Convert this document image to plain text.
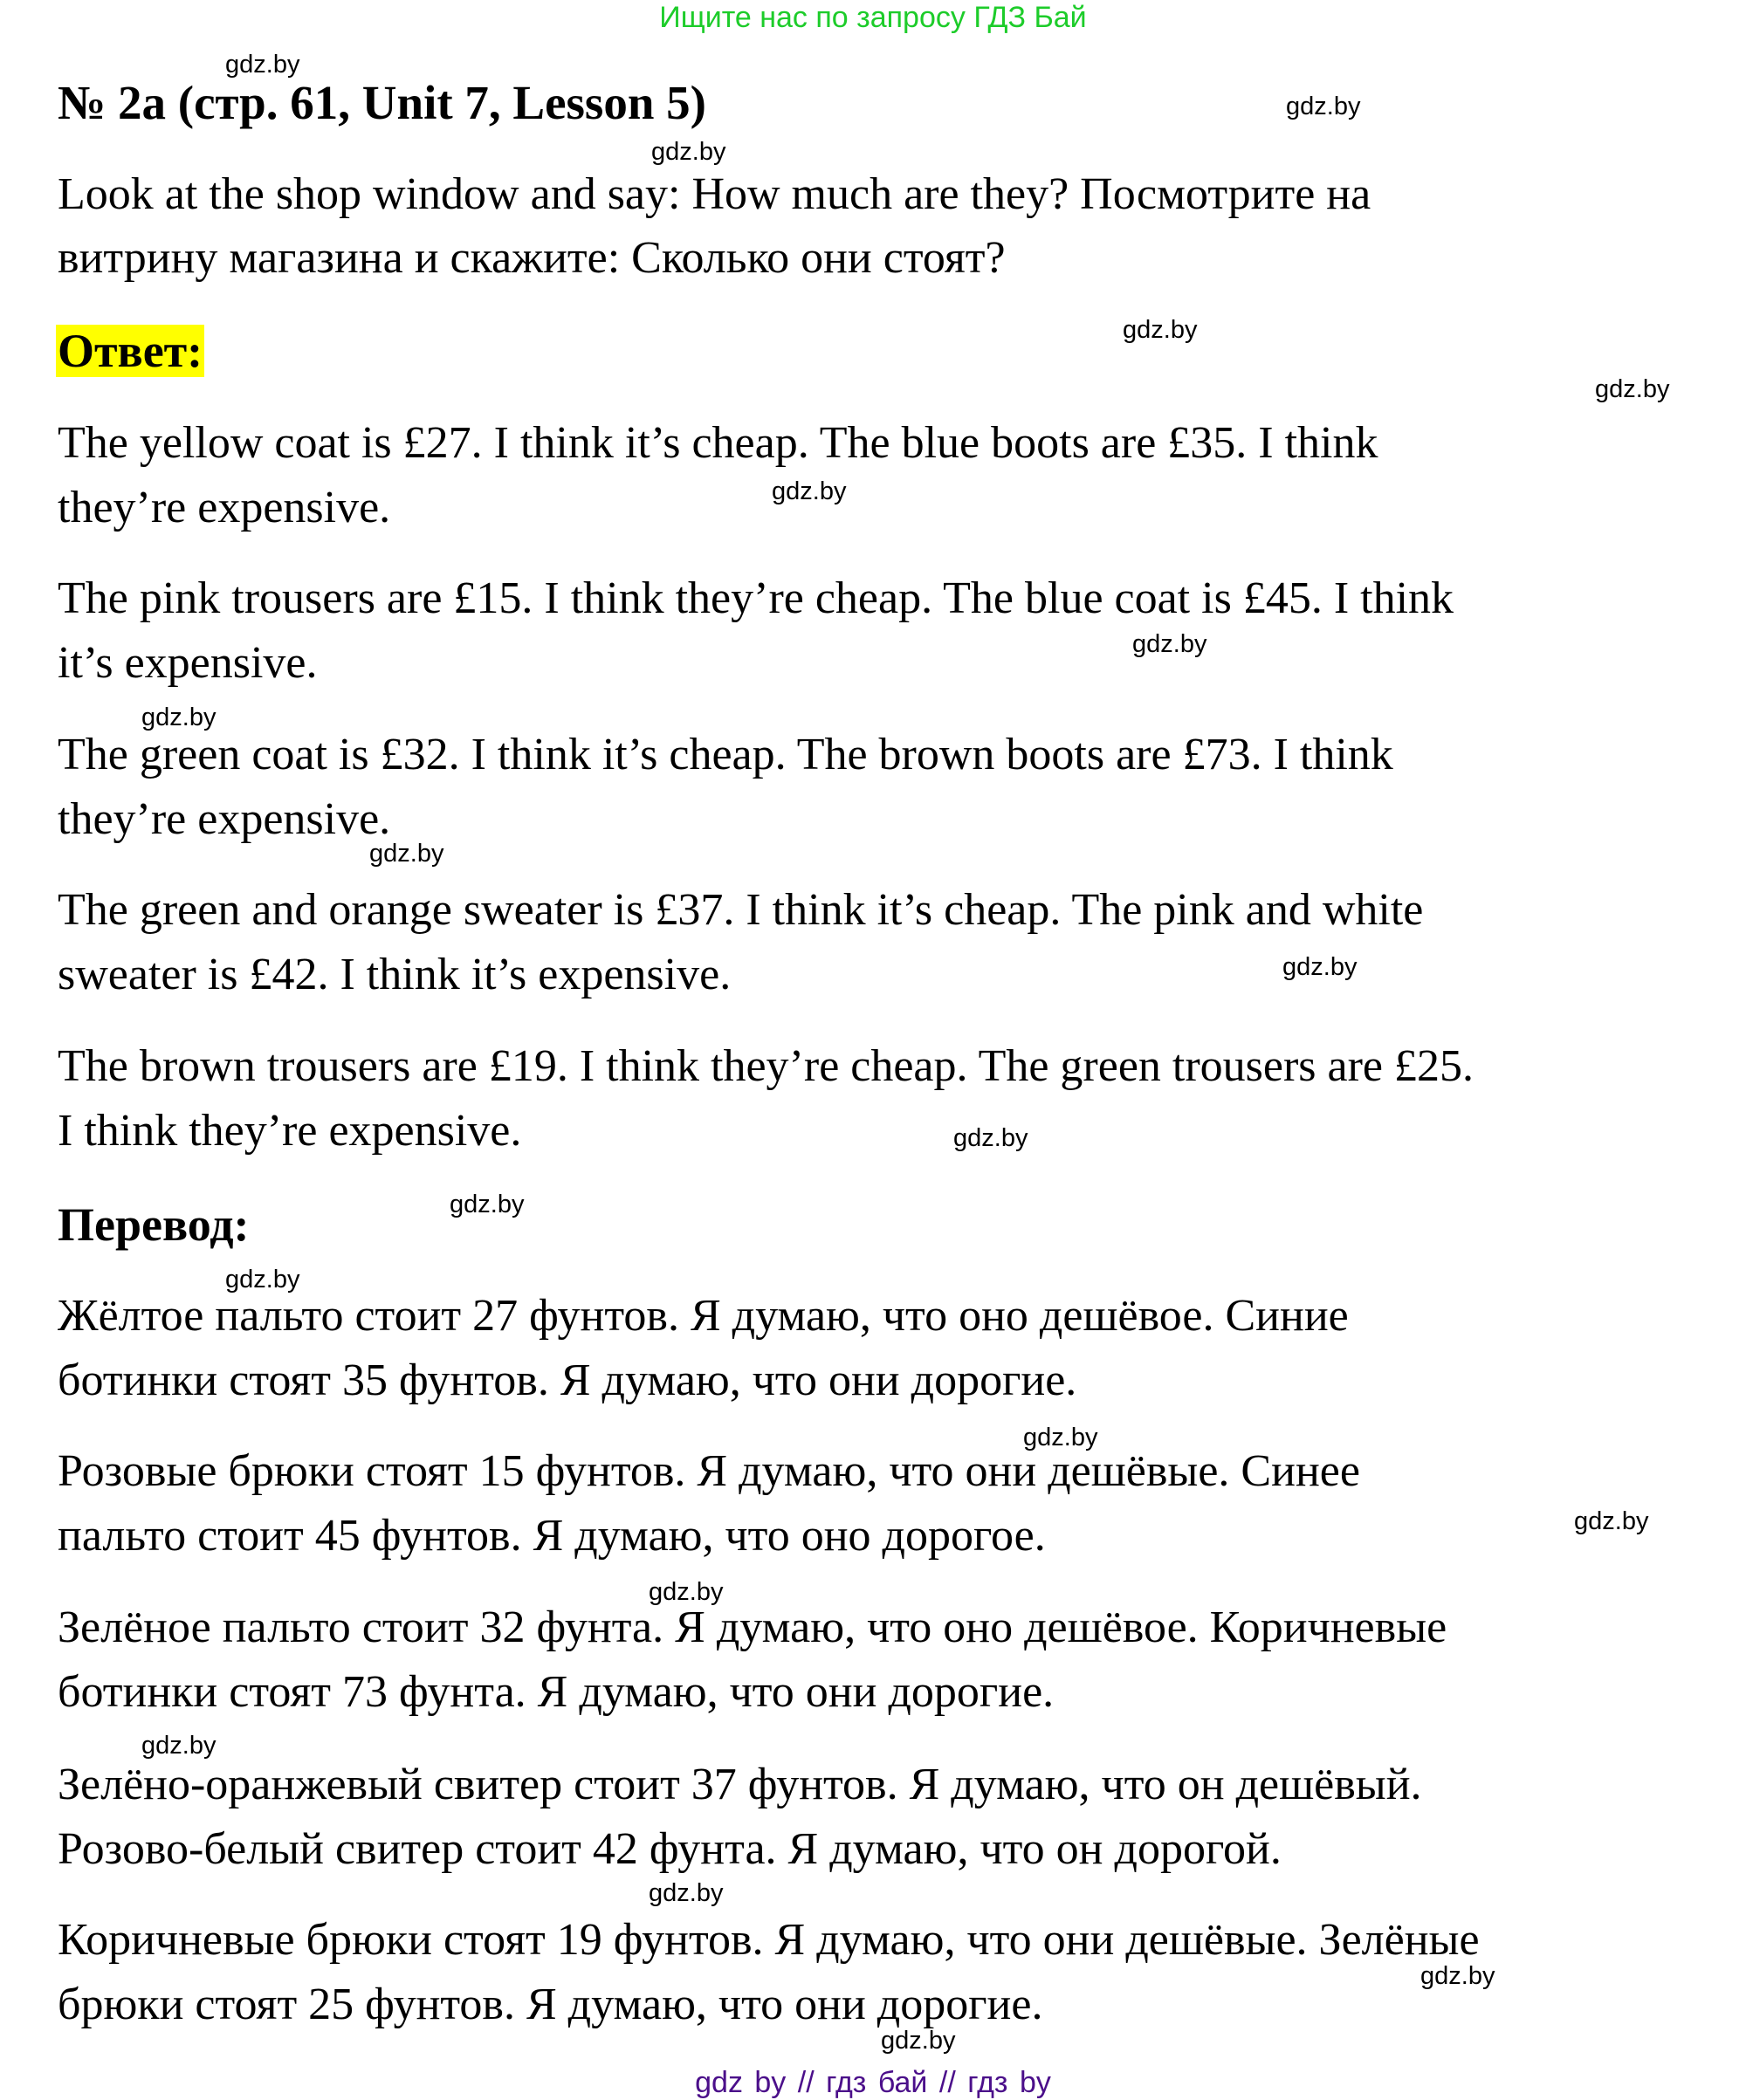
Ищите нас по запросу ГДЗ Бай
№ 2a (стр. 61, Unit 7, Lesson 5)
Look at the shop window and say: How much are they? Посмотрите на
витрину магазина и скажите: Сколько они стоят?
Ответ:
The yellow coat is £27. I think it’s cheap. The blue boots are £35. I think
they’re expensive.
The pink trousers are £15. I think they’re cheap. The blue coat is £45. I think
it’s expensive.
The green coat is £32. I think it’s cheap. The brown boots are £73. I think
they’re expensive.
The green and orange sweater is £37. I think it’s cheap. The pink and white
sweater is £42. I think it’s expensive.
The brown trousers are £19. I think they’re cheap. The green trousers are £25.
I think they’re expensive.
Перевод:
Жёлтое пальто стоит 27 фунтов. Я думаю, что оно дешёвое. Синие
ботинки стоят 35 фунтов. Я думаю, что они дорогие.
Розовые брюки стоят 15 фунтов. Я думаю, что они дешёвые. Синее
пальто стоит 45 фунтов. Я думаю, что оно дорогое.
Зелёное пальто стоит 32 фунта. Я думаю, что оно дешёвое. Коричневые
ботинки стоят 73 фунта. Я думаю, что они дорогие.
Зелёно-оранжевый свитер стоит 37 фунтов. Я думаю, что он дешёвый.
Розово-белый свитер стоит 42 фунта. Я думаю, что он дорогой.
Коричневые брюки стоят 19 фунтов. Я думаю, что они дешёвые. Зелёные
брюки стоят 25 фунтов. Я думаю, что они дорогие.
gdz.by
gdz.by
gdz.by
gdz.by
gdz.by
gdz.by
gdz.by
gdz.by
gdz.by
gdz.by
gdz.by
gdz.by
gdz.by
gdz.by
gdz.by
gdz.by
gdz.by
gdz.by
gdz.by
gdz.by
gdz by // гдз бай // гдз by
